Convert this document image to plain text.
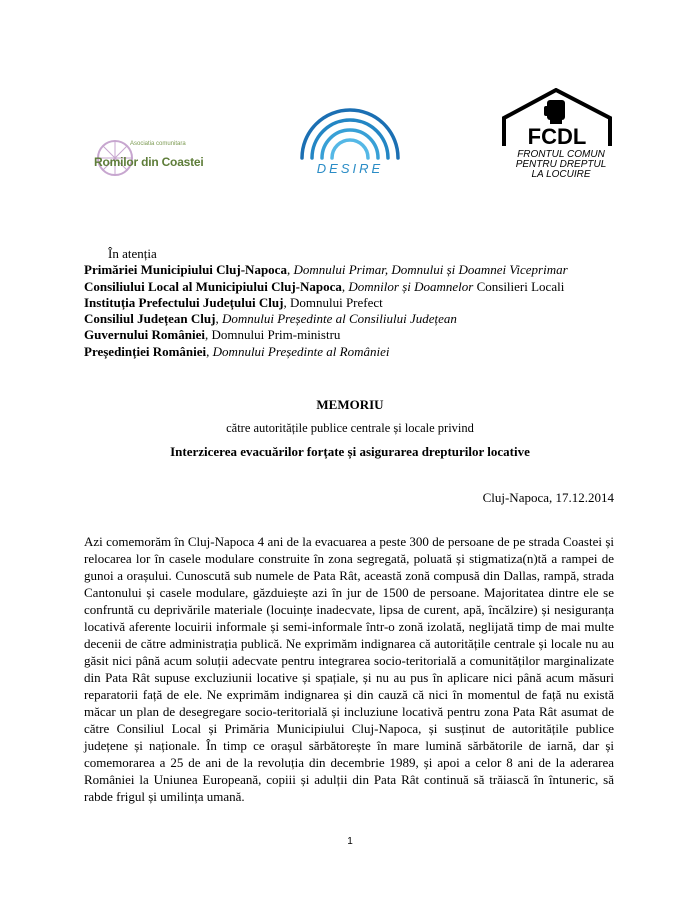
Asociatia comunitara
Romilor din Coastei	DESIRE
FCDL
FRONTUL COMUN
PENTRU DREPTUL
LA LOCUIRE
În atenția
Primăriei Municipiului Cluj-Napoca, Domnului Primar, Domnului și Doamnei Viceprimar
Consiliului Local al Municipiului Cluj-Napoca, Domnilor și Doamnelor Consilieri Locali
Instituția Prefectului Județului Cluj, Domnului Prefect
Consiliul Județean Cluj, Domnului Președinte al Consiliului Județean
Guvernului României, Domnului Prim-ministru
Președinției României, Domnului Președinte al României
MEMORIU
către autoritățile publice centrale și locale privind
Interzicerea evacuărilor forțate și asigurarea drepturilor locative
Cluj-Napoca, 17.12.2014

Azi comemorăm în Cluj-Napoca 4 ani de la evacuarea a peste 300 de persoane de pe strada Coastei și relocarea lor în casele modulare construite în zona segregată, poluată și stigmatiza(n)tă a rampei de gunoi a orașului. Cunoscută sub numele de Pata Rât, această zonă compusă din Dallas, rampă, strada Cantonului și casele modulare, găzduiește azi în jur de 1500 de persoane. Majoritatea dintre ele se confruntă cu deprivările materiale (locuințe inadecvate, lipsa de curent, apă, încălzire) și nesiguranța locativă aferente locuirii informale și semi-informale într-o zonă izolată, neglijată timp de mai multe decenii de către administrația publică. Ne exprimăm indignarea că autoritățile centrale și locale nu au găsit nici până acum soluții adecvate pentru integrarea socio-teritorială a comunităților marginalizate din Pata Rât supuse excluziunii locative și spațiale, și nu au pus în aplicare nici până acum măsuri reparatorii față de ele. Ne exprimăm indignarea și din cauză că nici în momentul de față nu există măcar un plan de desegregare socio-teritorială și incluziune locativă pentru zona Pata Rât asumat de către Consiliul Local și Primăria Municipiului Cluj-Napoca, și susținut de autoritățile publice județene și naționale. În timp ce orașul sărbătorește în mare lumină sărbătorile de iarnă, dar și comemorarea a 25 de ani de la revoluția din decembrie 1989, și apoi a celor 8 ani de la aderarea României la Uniunea Europeană, copiii și adulții din Pata Rât continuă să trăiască în întuneric, să rabde frigul și umilința umană.

1
